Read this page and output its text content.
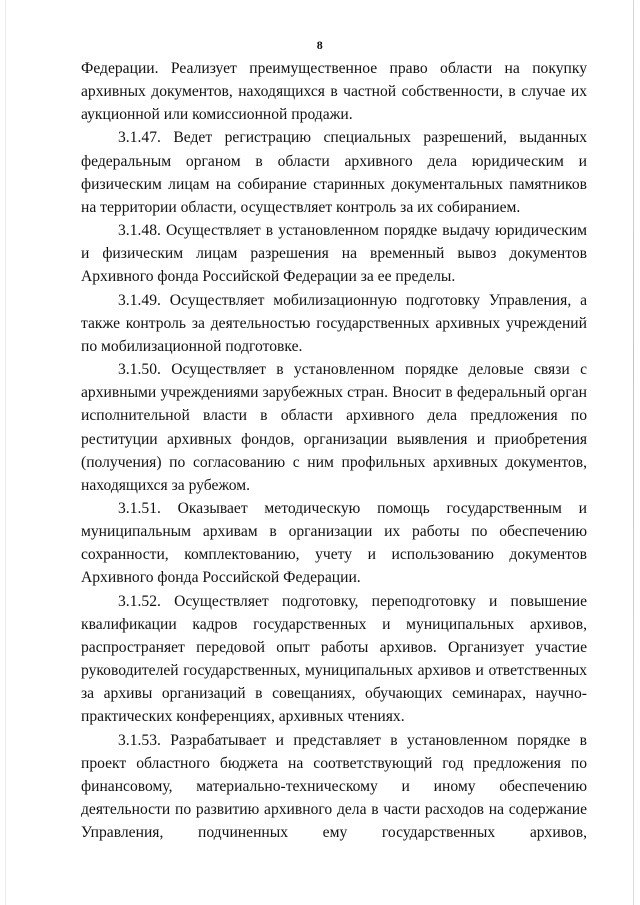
8

Федерации. Реализует преимущественное право области на покупку архивных документов, находящихся в частной собственности, в случае их аукционной или комиссионной продажи.

3.1.47. Ведет регистрацию специальных разрешений, выданных федеральным органом в области архивного дела юридическим и физическим лицам на собирание старинных документальных памятников на территории области, осуществляет контроль за их собиранием.

3.1.48. Осуществляет в установленном порядке выдачу юридическим и физическим лицам разрешения на временный вывоз документов Архивного фонда Российской Федерации за ее пределы.

3.1.49. Осуществляет мобилизационную подготовку Управления, а также контроль за деятельностью государственных архивных учреждений по мобилизационной подготовке.

3.1.50. Осуществляет в установленном порядке деловые связи с архивными учреждениями зарубежных стран. Вносит в федеральный орган исполнительной власти в области архивного дела предложения по реституции архивных фондов, организации выявления и приобретения (получения) по согласованию с ним профильных архивных документов, находящихся за рубежом.

3.1.51. Оказывает методическую помощь государственным и муниципальным архивам в организации их работы по обеспечению сохранности, комплектованию, учету и использованию документов Архивного фонда Российской Федерации.

3.1.52. Осуществляет подготовку, переподготовку и повышение квалификации кадров государственных и муниципальных архивов, распространяет передовой опыт работы архивов. Организует участие руководителей государственных, муниципальных архивов и ответственных за архивы организаций в совещаниях, обучающих семинарах, научно-практических конференциях, архивных чтениях.

3.1.53. Разрабатывает и представляет в установленном порядке в проект областного бюджета на соответствующий год предложения по финансовому, материально-техническому и иному обеспечению деятельности по развитию архивного дела в части расходов на содержание Управления, подчиненных ему государственных архивов,
